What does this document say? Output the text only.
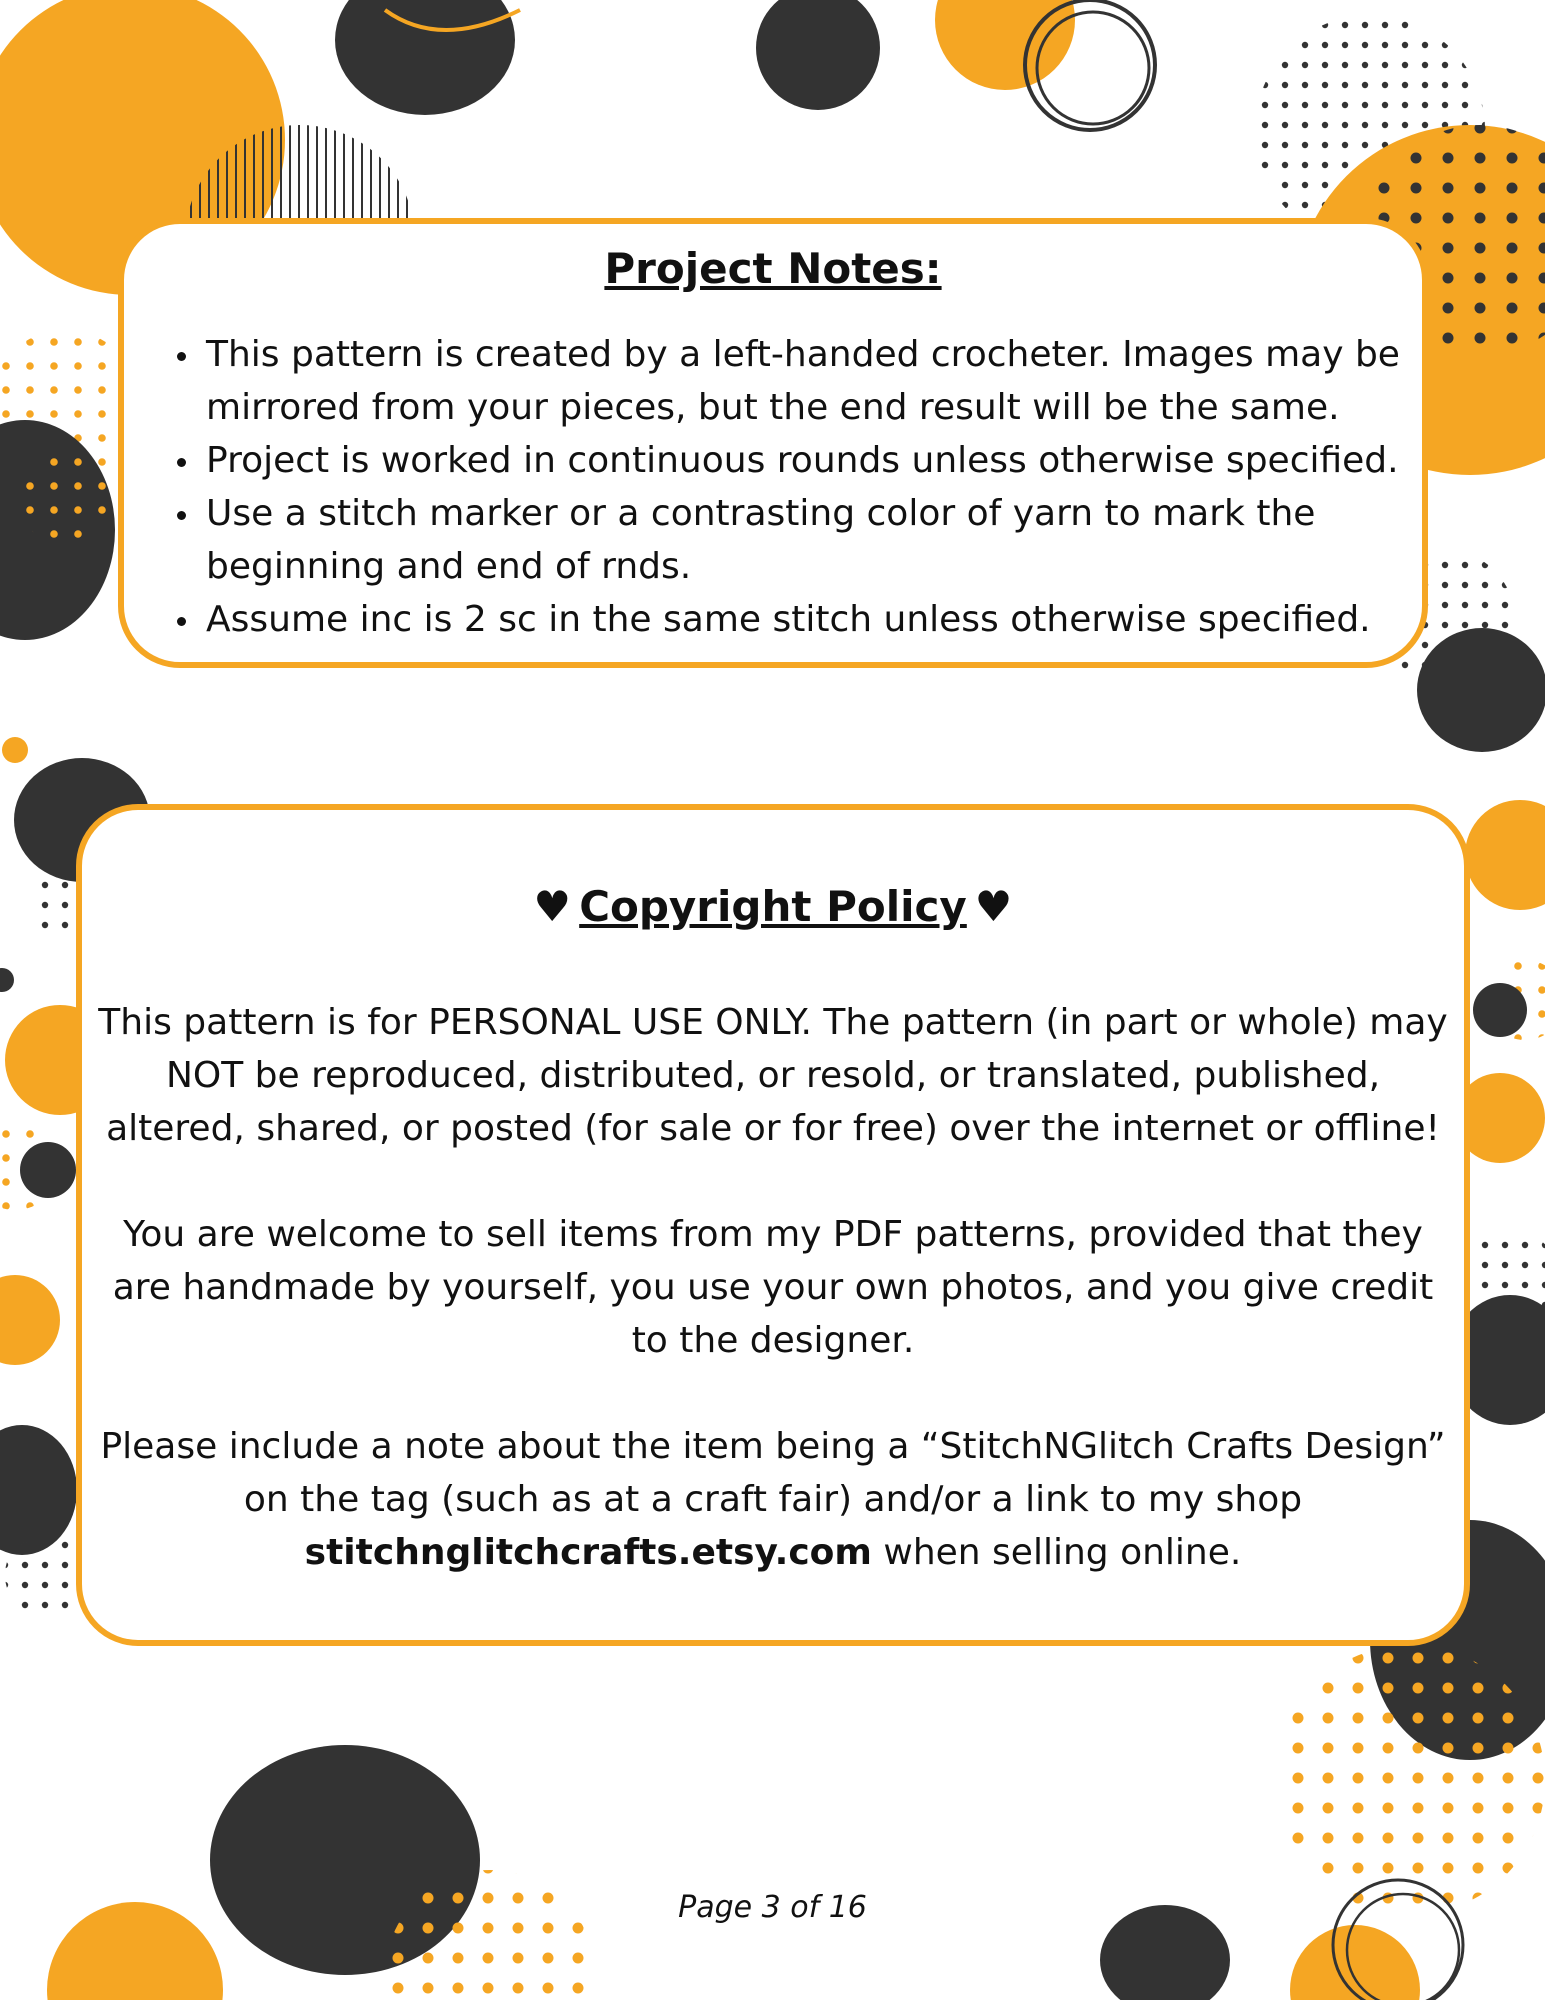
Project Notes:
• This pattern is created by a left-handed crocheter. Images may be mirrored from your pieces, but the end result will be the same.
• Project is worked in continuous rounds unless otherwise specified.
• Use a stitch marker or a contrasting color of yarn to mark the beginning and end of rnds.
• Assume inc is 2 sc in the same stitch unless otherwise specified.
♥ Copyright Policy ♥

This pattern is for PERSONAL USE ONLY. The pattern (in part or whole) may NOT be reproduced, distributed, or resold, or translated, published, altered, shared, or posted (for sale or for free) over the internet or offline!

You are welcome to sell items from my PDF patterns, provided that they are handmade by yourself, you use your own photos, and you give credit to the designer.

Please include a note about the item being a “StitchNGlitch Crafts Design” on the tag (such as at a craft fair) and/or a link to my shop stitchnglitchcrafts.etsy.com when selling online.

Page 3 of 16
